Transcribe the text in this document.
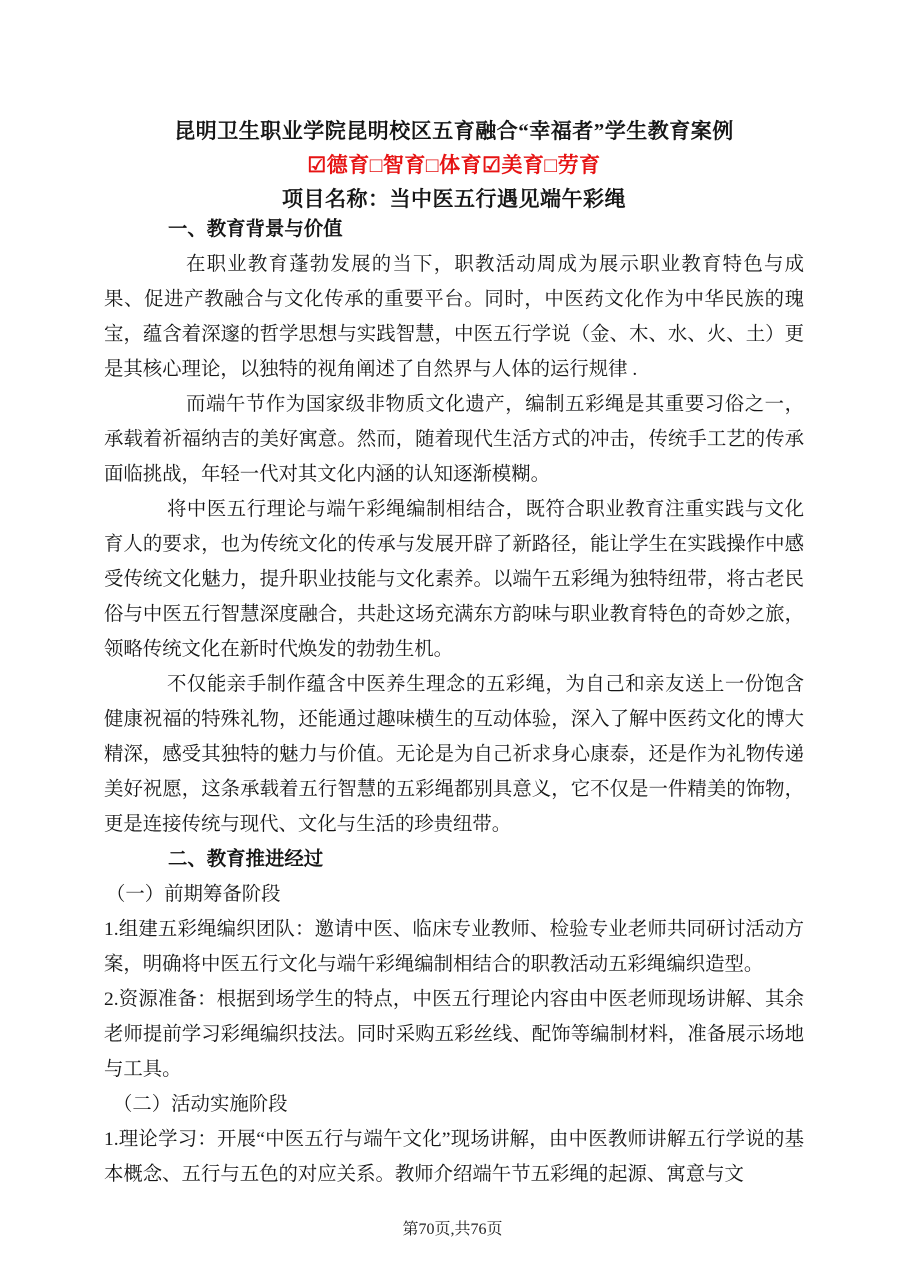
昆明卫生职业学院昆明校区五育融合“幸福者”学生教育案例
☑德育□智育□体育☑美育□劳育
项目名称：当中医五行遇见端午彩绳

一、教育背景与价值

在职业教育蓬勃发展的当下，职教活动周成为展示职业教育特色与成果、促进产教融合与文化传承的重要平台。同时，中医药文化作为中华民族的瑰宝，蕴含着深邃的哲学思想与实践智慧，中医五行学说（金、木、水、火、土）更是其核心理论，以独特的视角阐述了自然界与人体的运行规律 .

而端午节作为国家级非物质文化遗产，编制五彩绳是其重要习俗之一，承载着祈福纳吉的美好寓意。然而，随着现代生活方式的冲击，传统手工艺的传承面临挑战，年轻一代对其文化内涵的认知逐渐模糊。

将中医五行理论与端午彩绳编制相结合，既符合职业教育注重实践与文化育人的要求，也为传统文化的传承与发展开辟了新路径，能让学生在实践操作中感受传统文化魅力，提升职业技能与文化素养。以端午五彩绳为独特纽带，将古老民俗与中医五行智慧深度融合，共赴这场充满东方韵味与职业教育特色的奇妙之旅，领略传统文化在新时代焕发的勃勃生机。

不仅能亲手制作蕴含中医养生理念的五彩绳，为自己和亲友送上一份饱含健康祝福的特殊礼物，还能通过趣味横生的互动体验，深入了解中医药文化的博大精深，感受其独特的魅力与价值。无论是为自己祈求身心康泰，还是作为礼物传递美好祝愿，这条承载着五行智慧的五彩绳都别具意义，它不仅是一件精美的饰物，更是连接传统与现代、文化与生活的珍贵纽带。

二、教育推进经过

（一）前期筹备阶段

1.组建五彩绳编织团队：邀请中医、临床专业教师、检验专业老师共同研讨活动方案，明确将中医五行文化与端午彩绳编制相结合的职教活动五彩绳编织造型。

2.资源准备：根据到场学生的特点，中医五行理论内容由中医老师现场讲解、其余老师提前学习彩绳编织技法。同时采购五彩丝线、配饰等编制材料，准备展示场地与工具。

（二）活动实施阶段

1.理论学习：开展“中医五行与端午文化”现场讲解，由中医教师讲解五行学说的基本概念、五行与五色的对应关系。教师介绍端午节五彩绳的起源、寓意与文

第70页,共76页
